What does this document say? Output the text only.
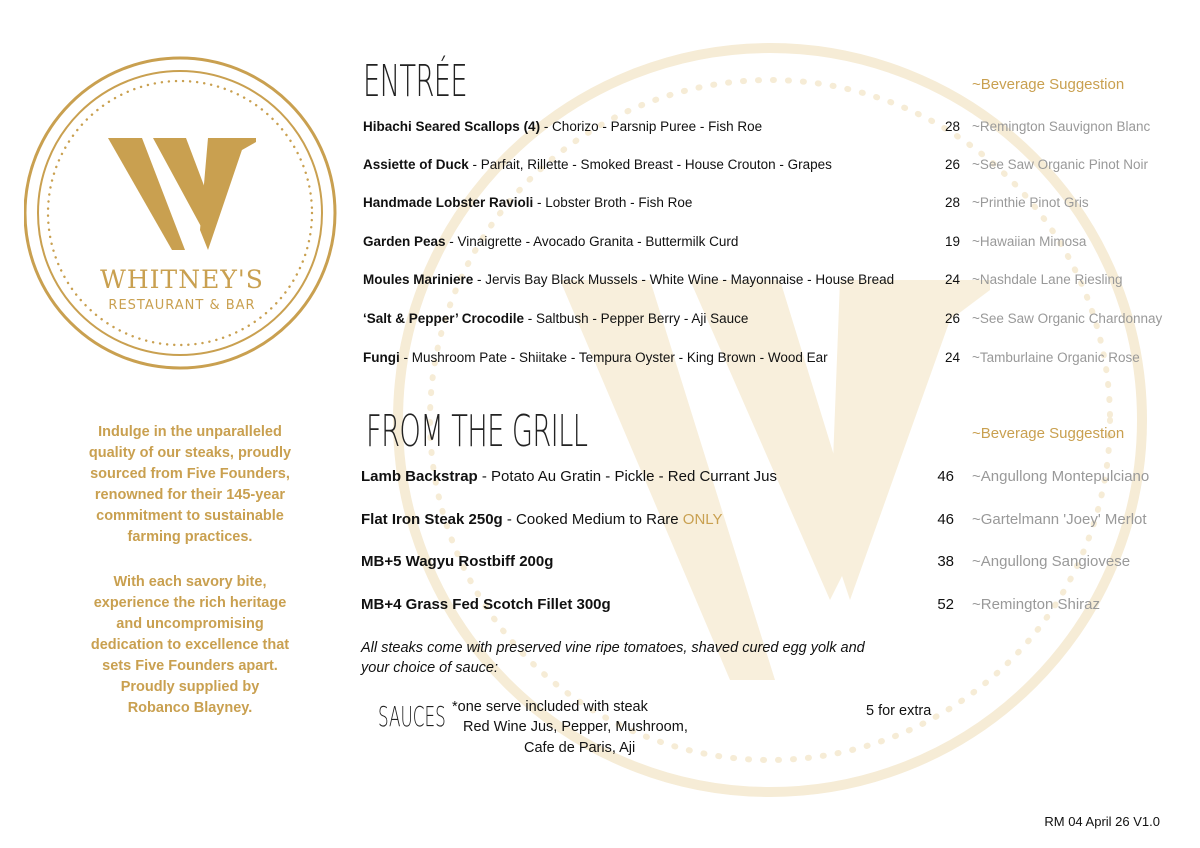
WHITNEY'S
RESTAURANT & BAR
Indulge in the unparalleled
quality of our steaks, proudly
sourced from Five Founders,
renowned for their 145-year
commitment to sustainable
farming practices.
With each savory bite,
experience the rich heritage
and uncompromising
dedication to excellence that
sets Five Founders apart.
Proudly supplied by
Robanco Blayney.
ENTRÉE	~Beverage Suggestion
Hibachi Seared Scallops (4) - Chorizo - Parsnip Puree - Fish Roe	28 ~Remington Sauvignon Blanc
Assiette of Duck - Parfait, Rillette - Smoked Breast - House Crouton - Grapes	26 ~See Saw Organic Pinot Noir
Handmade Lobster Ravioli - Lobster Broth - Fish Roe	28 ~Printhie Pinot Gris
Garden Peas - Vinaigrette - Avocado Granita - Buttermilk Curd	19 ~Hawaiian Mimosa
Moules Mariniere - Jervis Bay Black Mussels - White Wine - Mayonnaise - House Bread	24 ~Nashdale Lane Riesling
‘Salt & Pepper’ Crocodile - Saltbush - Pepper Berry - Aji Sauce	26 ~See Saw Organic Chardonnay
Fungi - Mushroom Pate - Shiitake - Tempura Oyster - King Brown - Wood Ear	24 ~Tamburlaine Organic Rose
FROM THE GRILL	~Beverage Suggestion
Lamb Backstrap - Potato Au Gratin - Pickle - Red Currant Jus	46 ~Angullong Montepulciano
Flat Iron Steak 250g - Cooked Medium to Rare ONLY	46 ~Gartelmann 'Joey' Merlot
MB+5 Wagyu Rostbiff 200g	38 ~Angullong Sangiovese
MB+4 Grass Fed Scotch Fillet 300g	52 ~Remington Shiraz
All steaks come with preserved vine ripe tomatoes, shaved cured egg yolk and
your choice of sauce:
SAUCES *one serve included with steak
Red Wine Jus, Pepper, Mushroom,
Cafe de Paris, Aji
5 for extra
RM 04 April 26 V1.0
